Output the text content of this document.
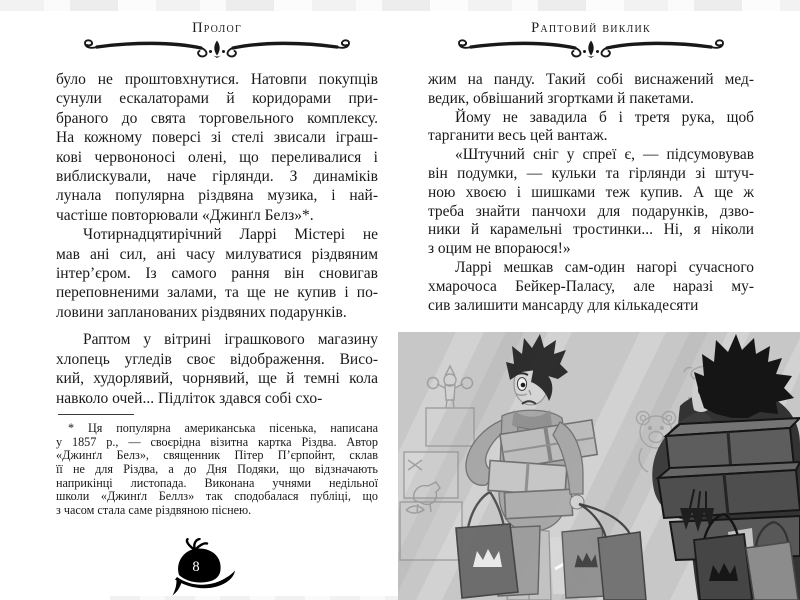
Пролог
було не проштовхнутися. Натовпи покупців
сунули ескалаторами й коридорами при-
браного до свята торговельного комплексу.
На кожному поверсі зі стелі звисали іграш-
кові червононосі олені, що переливалися і
виблискували, наче гірлянди. З динаміків
лунала популярна різдвяна музика, і най-
частіше повторювали «Джинґл Белз»*.
Чотирнадцятирічний Ларрі Містері не
мав ані сил, ані часу милуватися різдвяним
інтер’єром. Із самого рання він сновигав
переповненими залами, та ще не купив і по-
ловини запланованих різдвяних подарунків.
Раптом у вітрині іграшкового магазину
хлопець угледів своє відображення. Висо-
кий, худорлявий, чорнявий, ще й темні кола
навколо очей... Підліток здався собі схо-
* Ця популярна американська пісенька, написана
у 1857 р., — своєрідна візитна картка Різдва. Автор
«Джинґл Белз», священник Пітер П’єрпойнт, склав
її не для Різдва, а до Дня Подяки, що відзначають
наприкінці листопада. Виконана учнями недільної
школи «Джинґл Беллз» так сподобалася публіці, що
з часом стала саме різдвяною піснею.
8
Раптовий виклик
жим на панду. Такий собі виснажений мед-
ведик, обвішаний згортками й пакетами.
Йому не завадила б і третя рука, щоб
тарганити весь цей вантаж.
«Штучний сніг у спреї є, — підсумовував
він подумки, — кульки та гірлянди зі штуч-
ною хвоєю і шишками теж купив. А ще ж
треба знайти панчохи для подарунків, дзво-
ники й карамельні тростинки... Ні, я ніколи
з оцим не впораюся!»
Ларрі мешкав сам-один нагорі сучасного
хмарочоса Бейкер-Паласу, але наразі му-
сив залишити мансарду для кількадесяти
